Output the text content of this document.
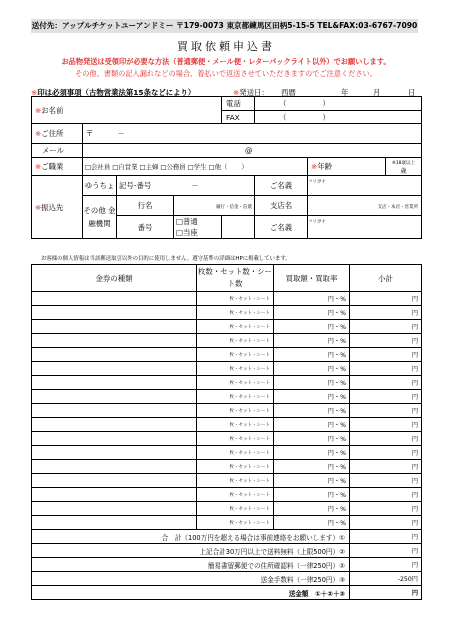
送付先：アップルチケットユーアンドミー 〒179-0073 東京都練馬区田柄5-15-5 TEL&FAX:03-6767-7090
買取依頼申込書
お品物発送は受領印が必要な方法（普通郵便・メール便・レターパックライト以外）でお願いします。
その他、書類の記入漏れなどの場合、着払いで返送させていただきますのでご注意ください。
※印は必須事項（古物営業法第15条などにより）	※発送日： 西暦	年	月	日
※お名前				電話	（ ）		
				FAX	（ ）		
※ご住所	〒 －						
メール	@						
※ご職業	□会社員 □自営業 □主婦 □公務員 □学生 □他（ ）					※年齢	※18歳以上
歳
※振込先	ゆうちょ	記号-番号 －			ご名義	フリガナ	
	その他 金融機関	行名	銀行・信金・信農		支店名	支店・本店・営業所	
		番号	□普通		ご名義	フリガナ	
			□当座				
お客様の個人情報は当該郵送取引以外の目的に使用しません。遵守基準の詳細はHPに掲載しています。
金券の種類	枚数・セット数・シート数	買取額・買取率	小計
	枚・セット・シート	円・%	円
	枚・セット・シート	円・%	円
	枚・セット・シート	円・%	円
	枚・セット・シート	円・%	円
	枚・セット・シート	円・%	円
	枚・セット・シート	円・%	円
	枚・セット・シート	円・%	円
	枚・セット・シート	円・%	円
	枚・セット・シート	円・%	円
	枚・セット・シート	円・%	円
	枚・セット・シート	円・%	円
	枚・セット・シート	円・%	円
	枚・セット・シート	円・%	円
	枚・セット・シート	円・%	円
	枚・セット・シート	円・%	円
	枚・セット・シート	円・%	円
	枚・セット・シート	円・%	円
合　計（100万円を超える場合は事前連絡をお願いします）①			円
上記合計30万円以上で送料無料（上限500円）②			円
簡易書留郵便での住所確認料（一律250円）②			円
送金手数料（一律250円）③			-250円
送金額　①＋②＋③			円
